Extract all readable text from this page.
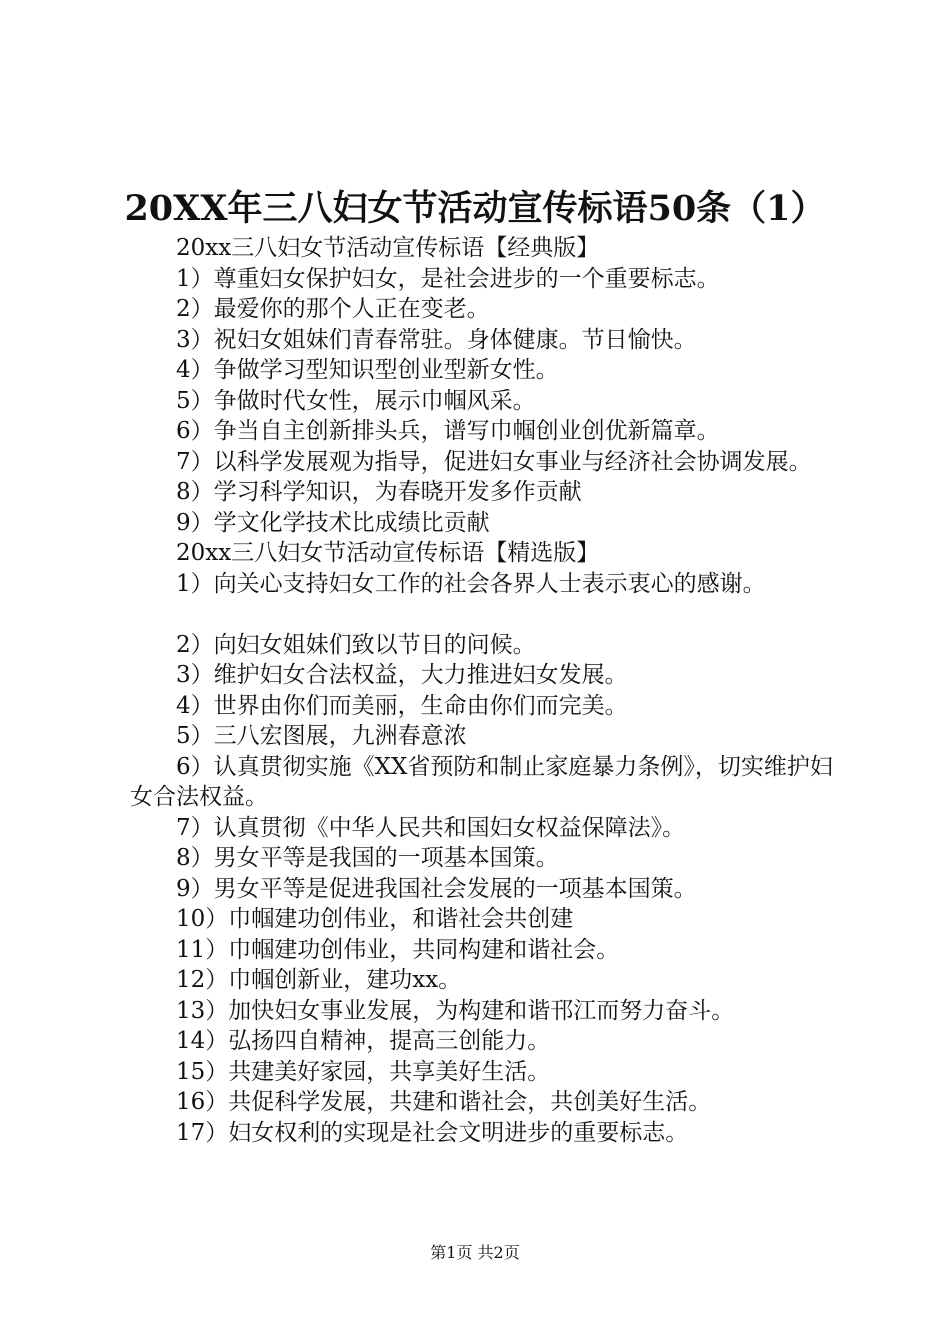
20XX年三八妇女节活动宣传标语50条（1）

20xx三八妇女节活动宣传标语【经典版】

1）尊重妇女保护妇女，是社会进步的一个重要标志。

2）最爱你的那个人正在变老。

3）祝妇女姐妹们青春常驻。身体健康。节日愉快。

4）争做学习型知识型创业型新女性。

5）争做时代女性，展示巾帼风采。

6）争当自主创新排头兵，谱写巾帼创业创优新篇章。

7）以科学发展观为指导，促进妇女事业与经济社会协调发展。

8）学习科学知识，为春晓开发多作贡献

9）学文化学技术比成绩比贡献

20xx三八妇女节活动宣传标语【精选版】

1）向关心支持妇女工作的社会各界人士表示衷心的感谢。

2）向妇女姐妹们致以节日的问候。

3）维护妇女合法权益，大力推进妇女发展。

4）世界由你们而美丽，生命由你们而完美。

5）三八宏图展，九洲春意浓

6）认真贯彻实施《XX省预防和制止家庭暴力条例》，切实维护妇女合法权益。

7）认真贯彻《中华人民共和国妇女权益保障法》。

8）男女平等是我国的一项基本国策。

9）男女平等是促进我国社会发展的一项基本国策。

10）巾帼建功创伟业，和谐社会共创建

11）巾帼建功创伟业，共同构建和谐社会。

12）巾帼创新业，建功xx。

13）加快妇女事业发展，为构建和谐邗江而努力奋斗。

14）弘扬四自精神，提高三创能力。

15）共建美好家园，共享美好生活。

16）共促科学发展，共建和谐社会，共创美好生活。

17）妇女权利的实现是社会文明进步的重要标志。

第1页 共2页
